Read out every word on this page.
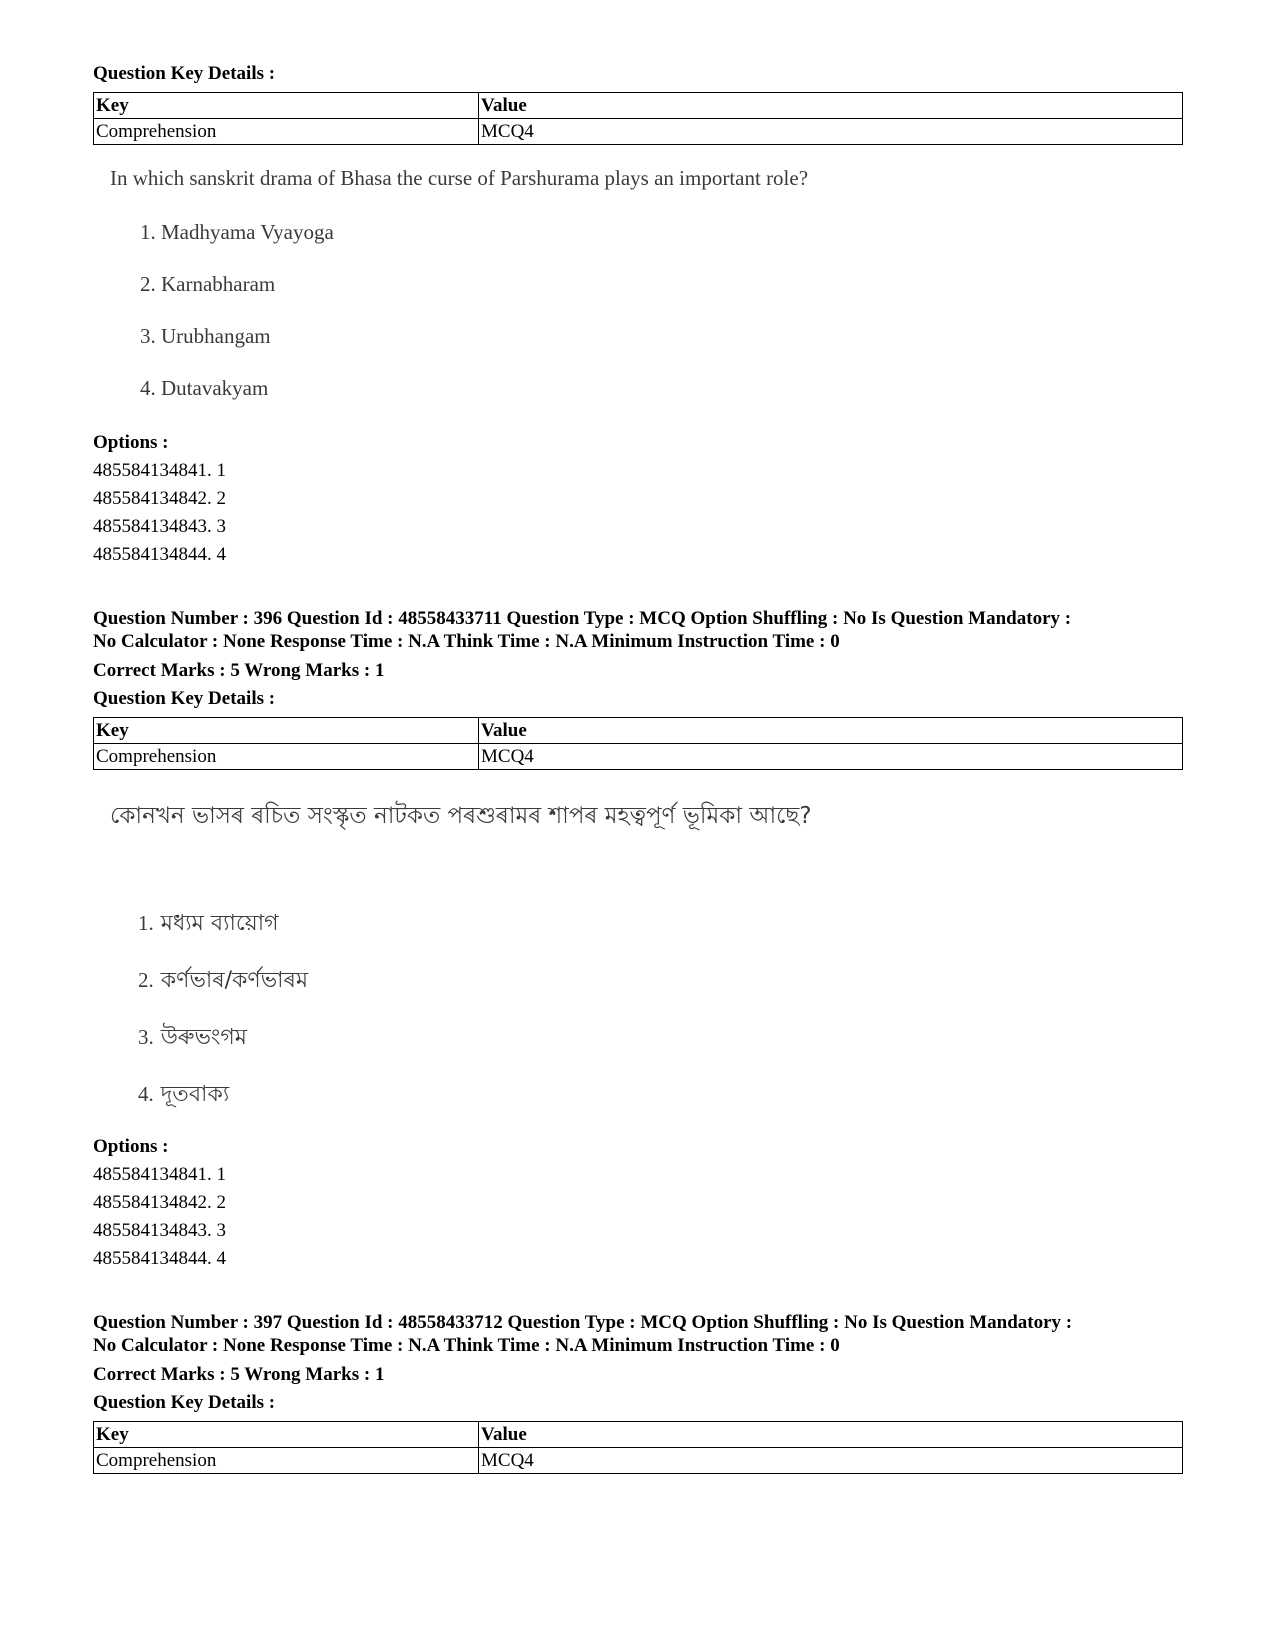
Question Key Details :
Key	Value
Comprehension	MCQ4
In which sanskrit drama of Bhasa the curse of Parshurama plays an important role?
1. Madhyama Vyayoga
2. Karnabharam
3. Urubhangam
4. Dutavakyam
Options :
485584134841. 1
485584134842. 2
485584134843. 3
485584134844. 4
Question Number : 396 Question Id : 48558433711 Question Type : MCQ Option Shuffling : No Is Question Mandatory :
No Calculator : None Response Time : N.A Think Time : N.A Minimum Instruction Time : 0
Correct Marks : 5 Wrong Marks : 1
Question Key Details :
Key	Value
Comprehension	MCQ4
কোনখন ভাসৰ ৰচিত সংস্কৃত নাটকত পৰশুৰামৰ শাপৰ মহত্বপূৰ্ণ ভূমিকা আছে?
1. মধ্যম ব্যায়োগ
2. কৰ্ণভাৰ/কৰ্ণভাৰম
3. উৰুভংগম
4. দূতবাক্য
Options :
485584134841. 1
485584134842. 2
485584134843. 3
485584134844. 4
Question Number : 397 Question Id : 48558433712 Question Type : MCQ Option Shuffling : No Is Question Mandatory :
No Calculator : None Response Time : N.A Think Time : N.A Minimum Instruction Time : 0
Correct Marks : 5 Wrong Marks : 1
Question Key Details :
Key	Value
Comprehension	MCQ4
